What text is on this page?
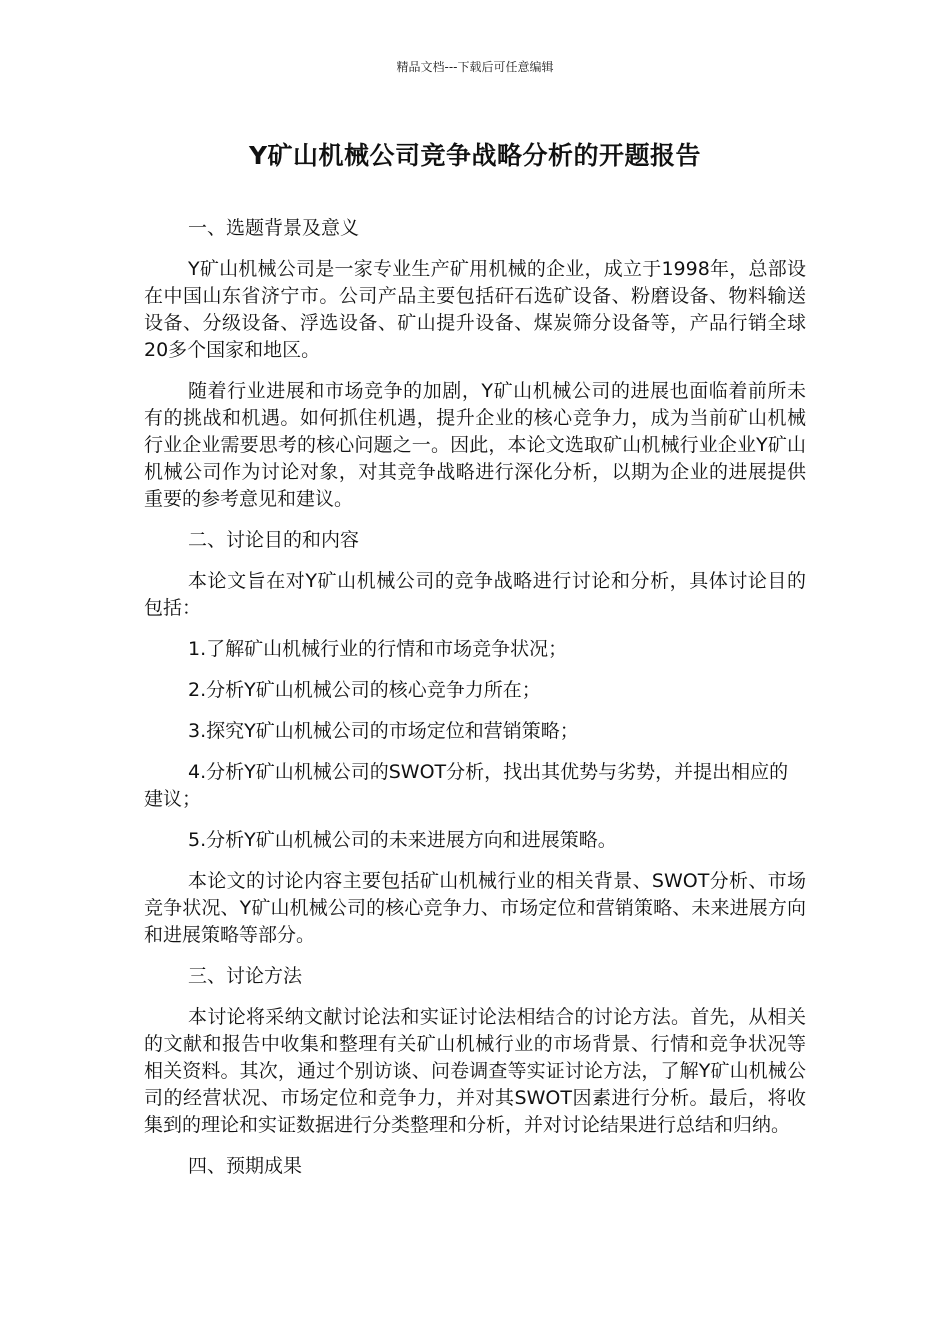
精品文档---下载后可任意编辑
Y矿山机械公司竞争战略分析的开题报告

一、选题背景及意义

Y矿山机械公司是一家专业生产矿用机械的企业，成立于1998年，总部设在中国山东省济宁市。公司产品主要包括矸石选矿设备、粉磨设备、物料输送设备、分级设备、浮选设备、矿山提升设备、煤炭筛分设备等，产品行销全球20多个国家和地区。

随着行业进展和市场竞争的加剧，Y矿山机械公司的进展也面临着前所未有的挑战和机遇。如何抓住机遇，提升企业的核心竞争力，成为当前矿山机械行业企业需要思考的核心问题之一。因此，本论文选取矿山机械行业企业Y矿山机械公司作为讨论对象，对其竞争战略进行深化分析，以期为企业的进展提供重要的参考意见和建议。

二、讨论目的和内容

本论文旨在对Y矿山机械公司的竞争战略进行讨论和分析，具体讨论目的包括：

1.了解矿山机械行业的行情和市场竞争状况；

2.分析Y矿山机械公司的核心竞争力所在；

3.探究Y矿山机械公司的市场定位和营销策略；

4.分析Y矿山机械公司的SWOT分析，找出其优势与劣势，并提出相应的建议；

5.分析Y矿山机械公司的未来进展方向和进展策略。

本论文的讨论内容主要包括矿山机械行业的相关背景、SWOT分析、市场竞争状况、Y矿山机械公司的核心竞争力、市场定位和营销策略、未来进展方向和进展策略等部分。

三、讨论方法

本讨论将采纳文献讨论法和实证讨论法相结合的讨论方法。首先，从相关的文献和报告中收集和整理有关矿山机械行业的市场背景、行情和竞争状况等相关资料。其次，通过个别访谈、问卷调查等实证讨论方法，了解Y矿山机械公司的经营状况、市场定位和竞争力，并对其SWOT因素进行分析。最后，将收集到的理论和实证数据进行分类整理和分析，并对讨论结果进行总结和归纳。

四、预期成果
